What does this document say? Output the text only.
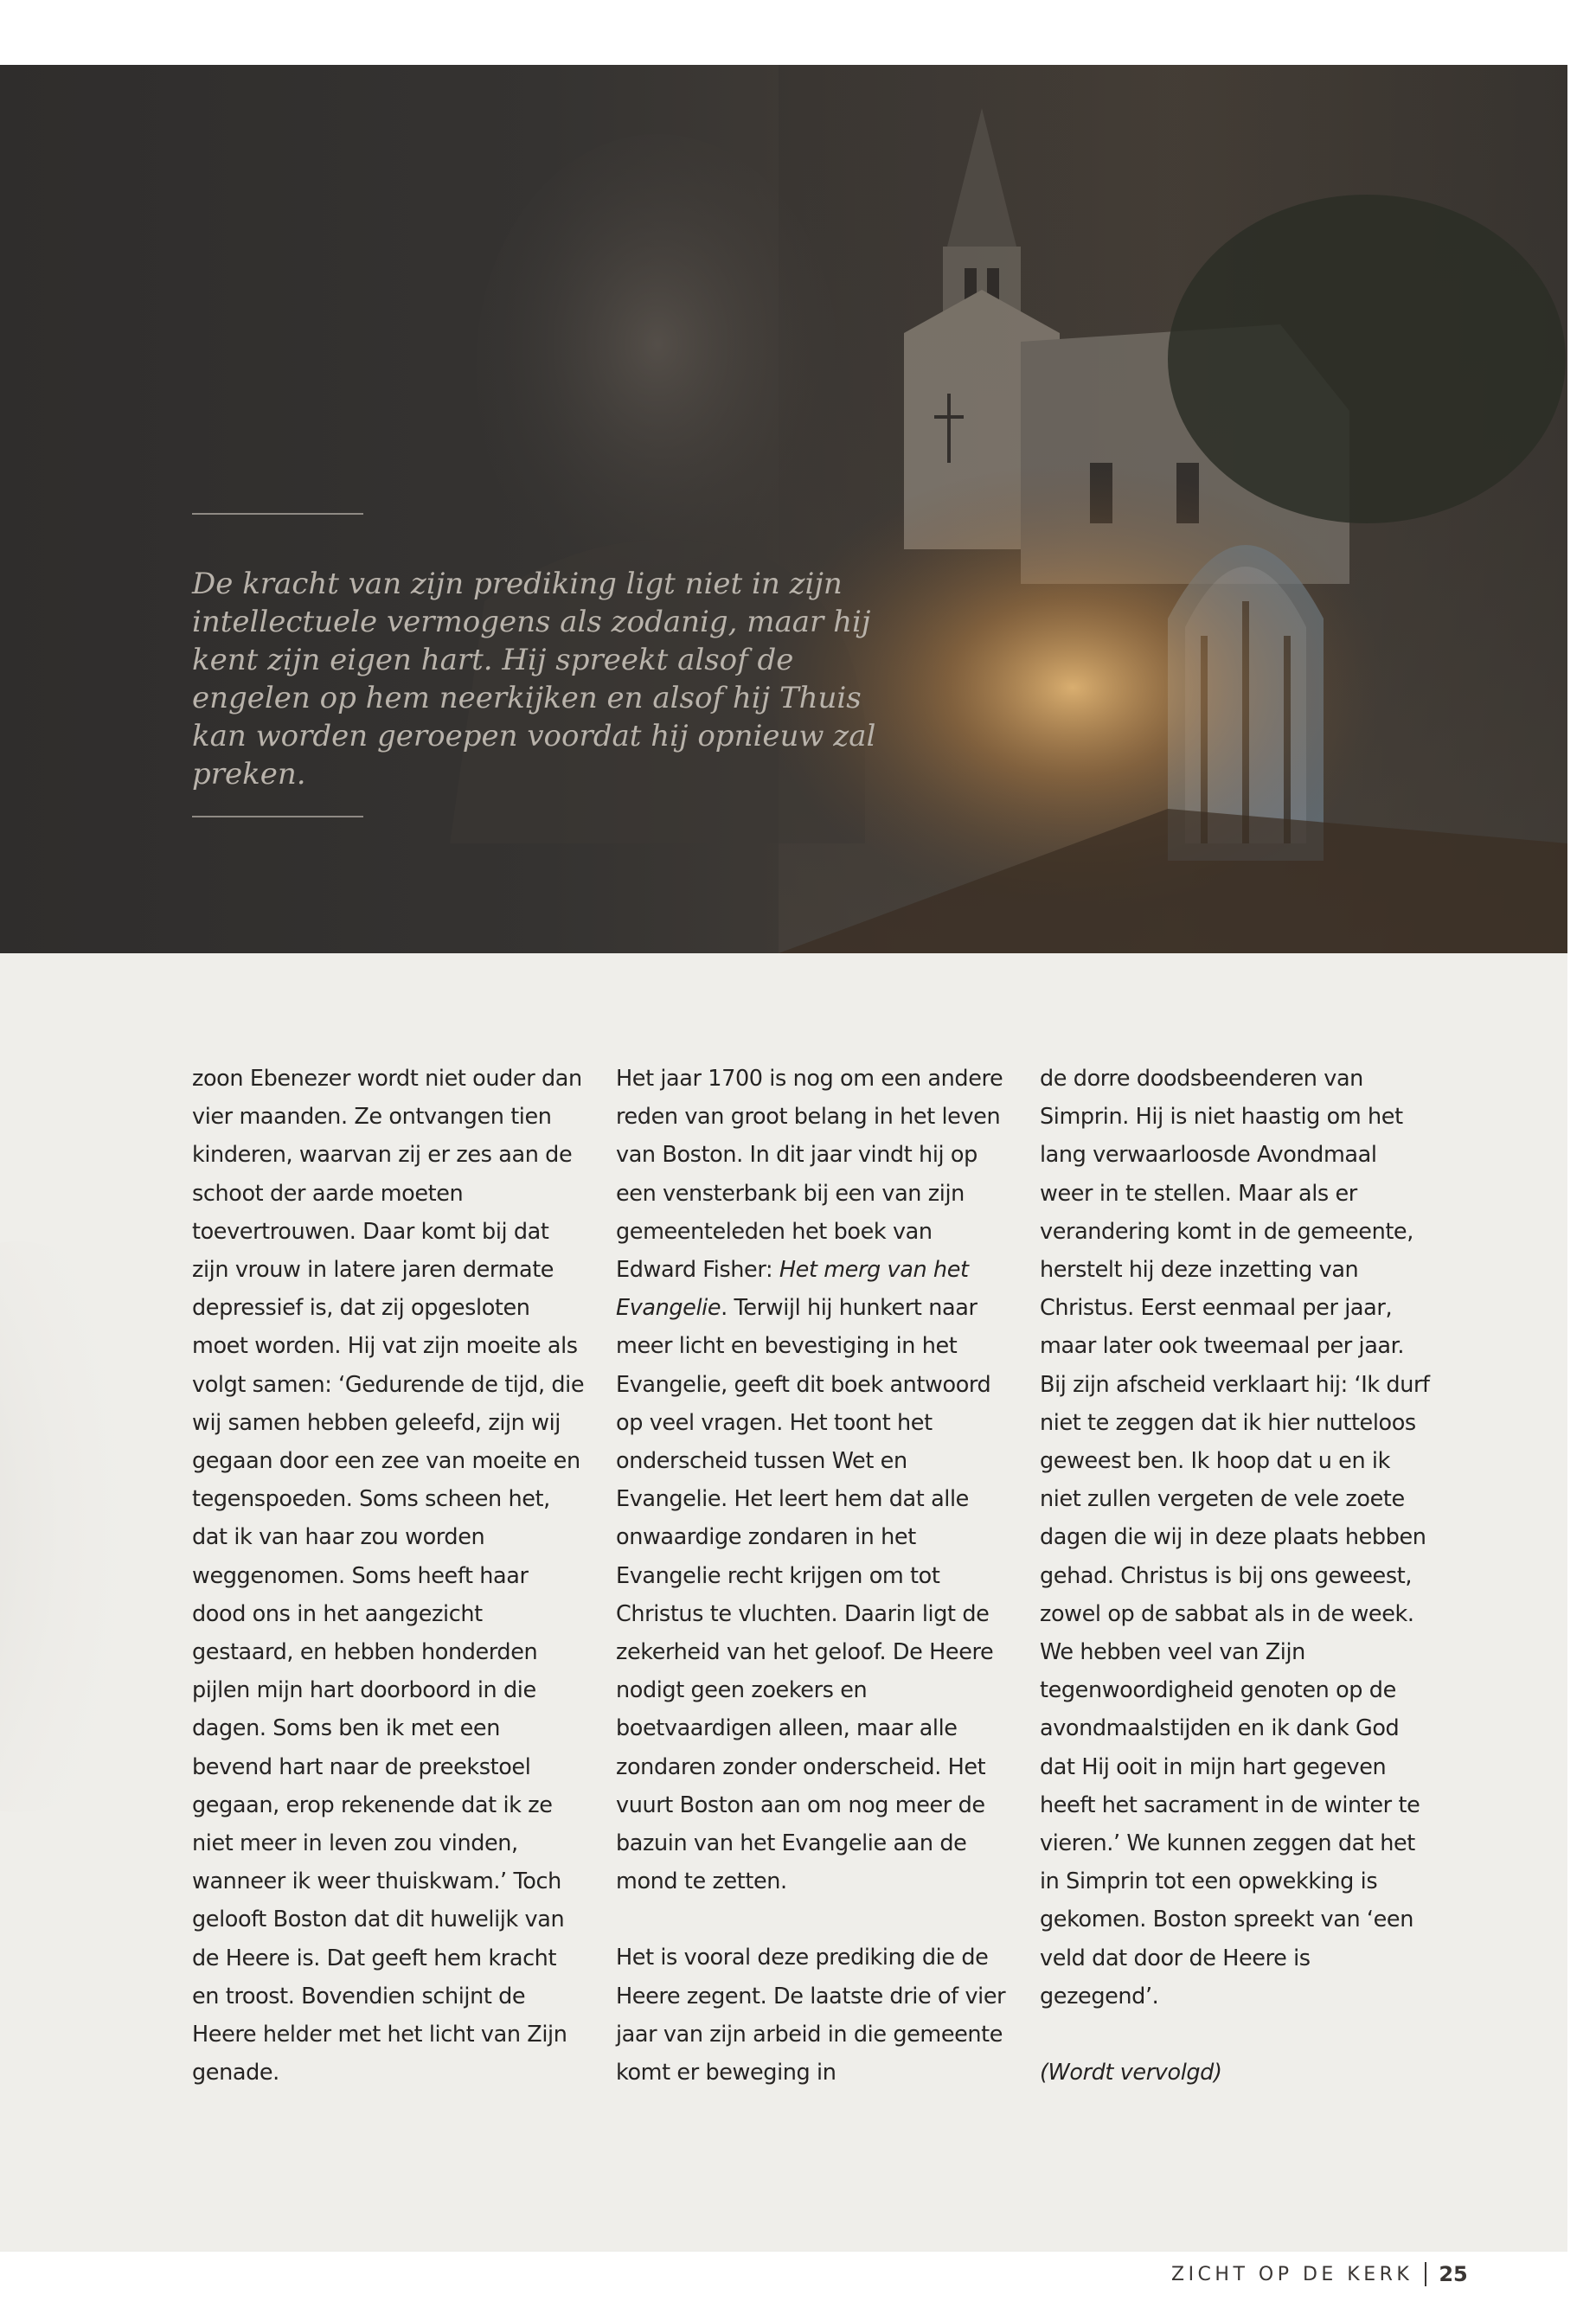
De kracht van zijn prediking ligt niet in zijn intellectuele vermogens als zodanig, maar hij kent zijn eigen hart. Hij spreekt alsof de engelen op hem neerkijken en alsof hij Thuis kan worden geroepen voordat hij opnieuw zal preken.

zoon Ebenezer wordt niet ouder dan vier maanden. Ze ontvangen tien kinderen, waarvan zij er zes aan de schoot der aarde moeten toevertrouwen. Daar komt bij dat zijn vrouw in latere jaren dermate depressief is, dat zij opgesloten moet worden. Hij vat zijn moeite als volgt samen: ‘Gedurende de tijd, die wij samen hebben geleefd, zijn wij gegaan door een zee van moeite en tegenspoeden. Soms scheen het, dat ik van haar zou worden weggenomen. Soms heeft haar dood ons in het aangezicht gestaard, en hebben honderden pijlen mijn hart doorboord in die dagen. Soms ben ik met een bevend hart naar de preekstoel gegaan, erop rekenende dat ik ze niet meer in leven zou vinden, wanneer ik weer thuiskwam.’ Toch gelooft Boston dat dit huwelijk van de Heere is. Dat geeft hem kracht en troost. Bovendien schijnt de Heere helder met het licht van Zijn genade.

Het jaar 1700 is nog om een andere reden van groot belang in het leven van Boston. In dit jaar vindt hij op een vensterbank bij een van zijn gemeenteleden het boek van Edward Fisher: Het merg van het Evangelie. Terwijl hij hunkert naar meer licht en bevestiging in het Evangelie, geeft dit boek antwoord op veel vragen. Het toont het onderscheid tussen Wet en Evangelie. Het leert hem dat alle onwaardige zondaren in het Evangelie recht krijgen om tot Christus te vluchten. Daarin ligt de zekerheid van het geloof. De Heere nodigt geen zoekers en boetvaardigen alleen, maar alle zondaren zonder onderscheid. Het vuurt Boston aan om nog meer de bazuin van het Evangelie aan de mond te zetten.

Het is vooral deze prediking die de Heere zegent. De laatste drie of vier jaar van zijn arbeid in die gemeente komt er beweging in

de dorre doodsbeenderen van Simprin. Hij is niet haastig om het lang verwaarloosde Avondmaal weer in te stellen. Maar als er verandering komt in de gemeente, herstelt hij deze inzetting van Christus. Eerst eenmaal per jaar, maar later ook tweemaal per jaar. Bij zijn afscheid verklaart hij: ‘Ik durf niet te zeggen dat ik hier nutteloos geweest ben. Ik hoop dat u en ik niet zullen vergeten de vele zoete dagen die wij in deze plaats hebben gehad. Christus is bij ons geweest, zowel op de sabbat als in de week. We hebben veel van Zijn tegenwoordigheid genoten op de avondmaalstijden en ik dank God dat Hij ooit in mijn hart gegeven heeft het sacrament in de winter te vieren.’ We kunnen zeggen dat het in Simprin tot een opwekking is gekomen. Boston spreekt van ‘een veld dat door de Heere is gezegend’.

(Wordt vervolgd)

ZICHT OP DE KERK 25
